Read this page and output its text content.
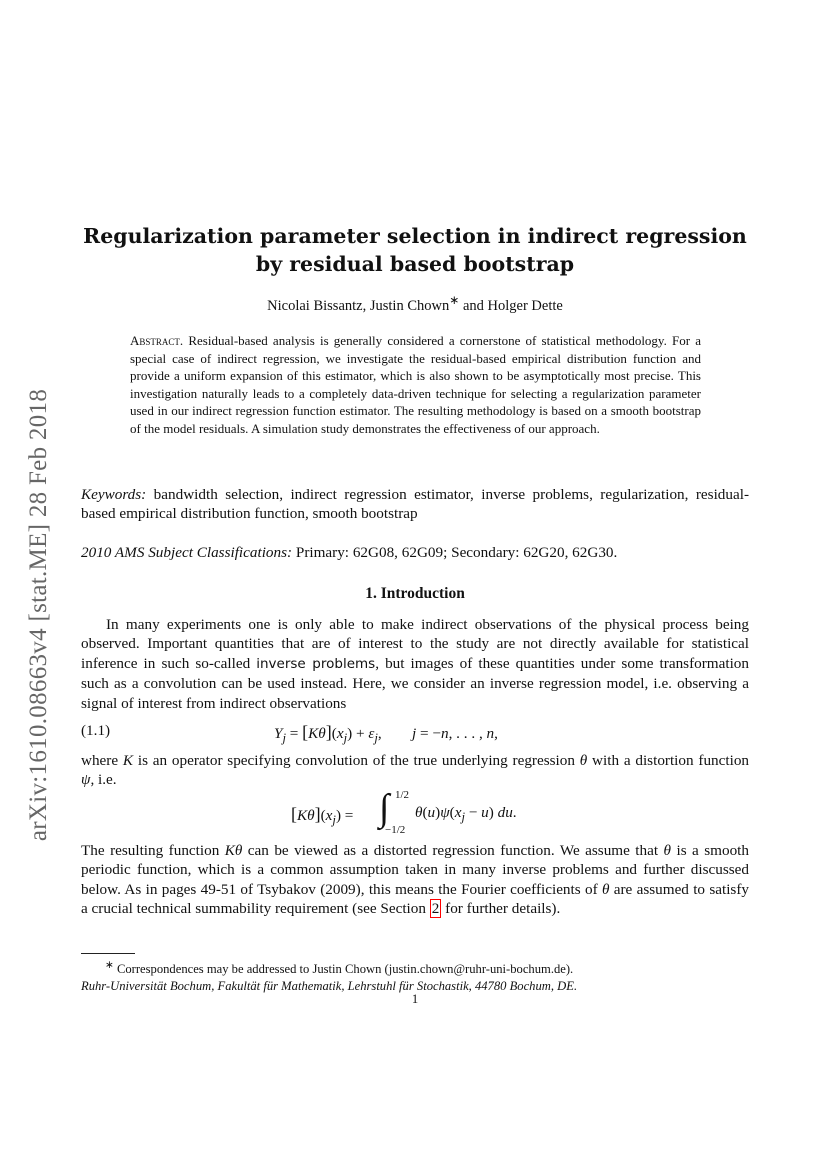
arXiv:1610.08663v4 [stat.ME] 28 Feb 2018
Regularization parameter selection in indirect regression
by residual based bootstrap
Nicolai Bissantz, Justin Chown∗ and Holger Dette
Abstract. Residual-based analysis is generally considered a cornerstone of statistical methodology. For a special case of indirect regression, we investigate the residual-based empirical distribution function and provide a uniform expansion of this estimator, which is also shown to be asymptotically most precise. This investigation naturally leads to a completely data-driven technique for selecting a regularization parameter used in our indirect regression function estimator. The resulting methodology is based on a smooth bootstrap of the model residuals. A simulation study demonstrates the effectiveness of our approach.
Keywords: bandwidth selection, indirect regression estimator, inverse problems, regularization, residual-based empirical distribution function, smooth bootstrap
2010 AMS Subject Classifications: Primary: 62G08, 62G09; Secondary: 62G20, 62G30.
1. Introduction
In many experiments one is only able to make indirect observations of the physical process being observed. Important quantities that are of interest to the study are not directly available for statistical inference in such so-called inverse problems, but images of these quantities under some transformation such as a convolution can be used instead. Here, we consider an inverse regression model, i.e. observing a signal of interest from indirect observations
(1.1)	$Y_j = [K\theta](x_j) + \varepsilon_j$,        j = −n, . . . , n,
where K is an operator specifying convolution of the true underlying regression θ with a distortion function ψ, i.e.
$[K\theta](x_j)$ = ∫ 1/2
−1/2
$\theta(u)\psi(x_j - u)$ du.
The resulting function Kθ can be viewed as a distorted regression function. We assume that θ is a smooth periodic function, which is a common assumption taken in many inverse problems and further discussed below. As in pages 49-51 of Tsybakov (2009), this means the Fourier coefficients of θ are assumed to satisfy a crucial technical summability requirement (see Section 2 for further details).
∗ Correspondences may be addressed to Justin Chown (justin.chown@ruhr-uni-bochum.de).
Ruhr-Universität Bochum, Fakultät für Mathematik, Lehrstuhl für Stochastik, 44780 Bochum, DE.
1
